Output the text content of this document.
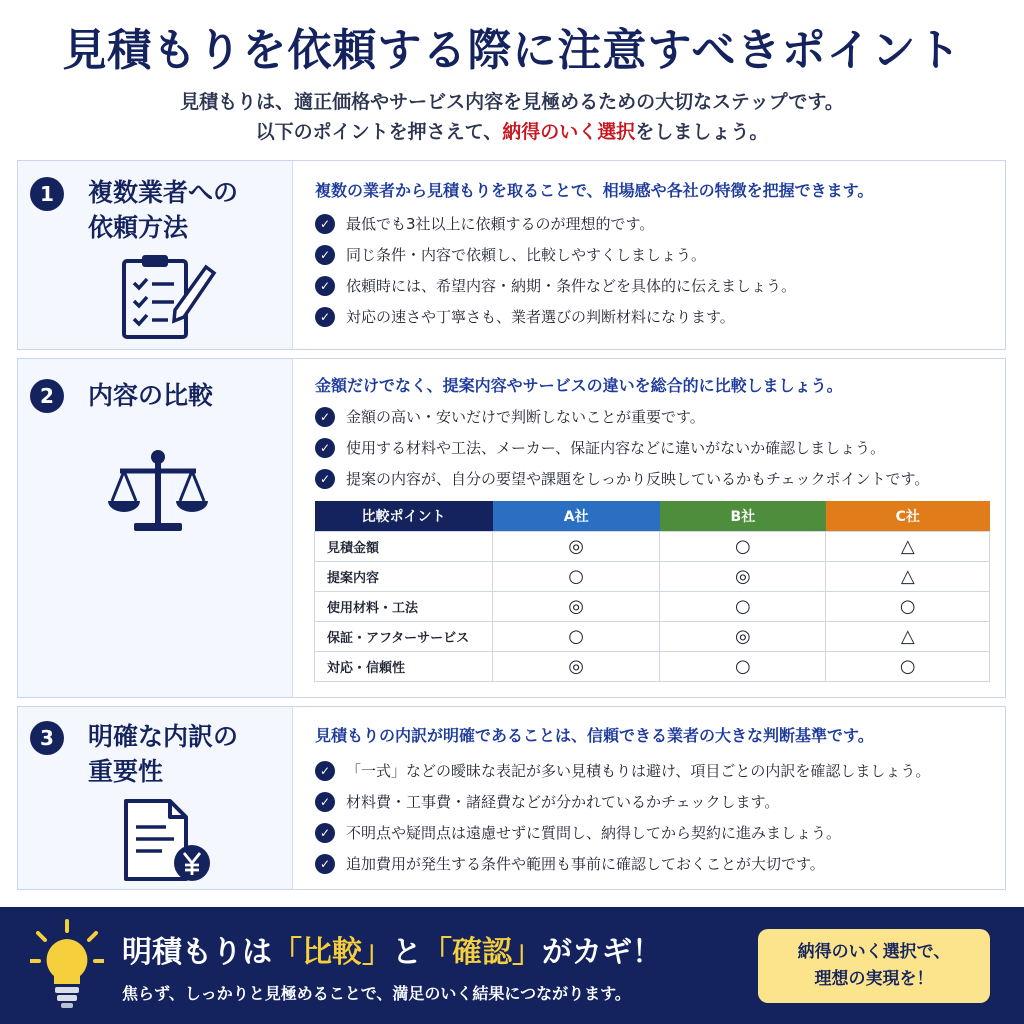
見積もりを依頼する際に注意すべきポイント
見積もりは、適正価格やサービス内容を見極めるための大切なステップです。
以下のポイントを押さえて、納得のいく選択をしましょう。
1	複数業者への
依頼方法
複数の業者から見積もりを取ることで、相場感や各社の特徴を把握できます。
✓	最低でも3社以上に依頼するのが理想的です。
✓	同じ条件・内容で依頼し、比較しやすくしましょう。
✓	依頼時には、希望内容・納期・条件などを具体的に伝えましょう。
✓	対応の速さや丁寧さも、業者選びの判断材料になります。
2	内容の比較	金額だけでなく、提案内容やサービスの違いを総合的に比較しましょう。
✓	金額の高い・安いだけで判断しないことが重要です。
✓	使用する材料や工法、メーカー、保証内容などに違いがないか確認しましょう。
✓	提案の内容が、自分の要望や課題をしっかり反映しているかもチェックポイントです。
比較ポイント	A社	B社	C社
見積金額	◎	○	△
提案内容	○	◎	△
使用材料・工法	◎	○	○
保証・アフターサービス	○	◎	△
対応・信頼性	◎	○	○
3	明確な内訳の
重要性
見積もりの内訳が明確であることは、信頼できる業者の大きな判断基準です。
✓	「一式」などの曖昧な表記が多い見積もりは避け、項目ごとの内訳を確認しましょう。
✓	材料費・工事費・諸経費などが分かれているかチェックします。
✓	不明点や疑問点は遠慮せずに質問し、納得してから契約に進みましょう。
✓	追加費用が発生する条件や範囲も事前に確認しておくことが大切です。
明積もりは「比較」と「確認」がカギ！
焦らず、しっかりと見極めることで、満足のいく結果につながります。
納得のいく選択で、
理想の実現を！
